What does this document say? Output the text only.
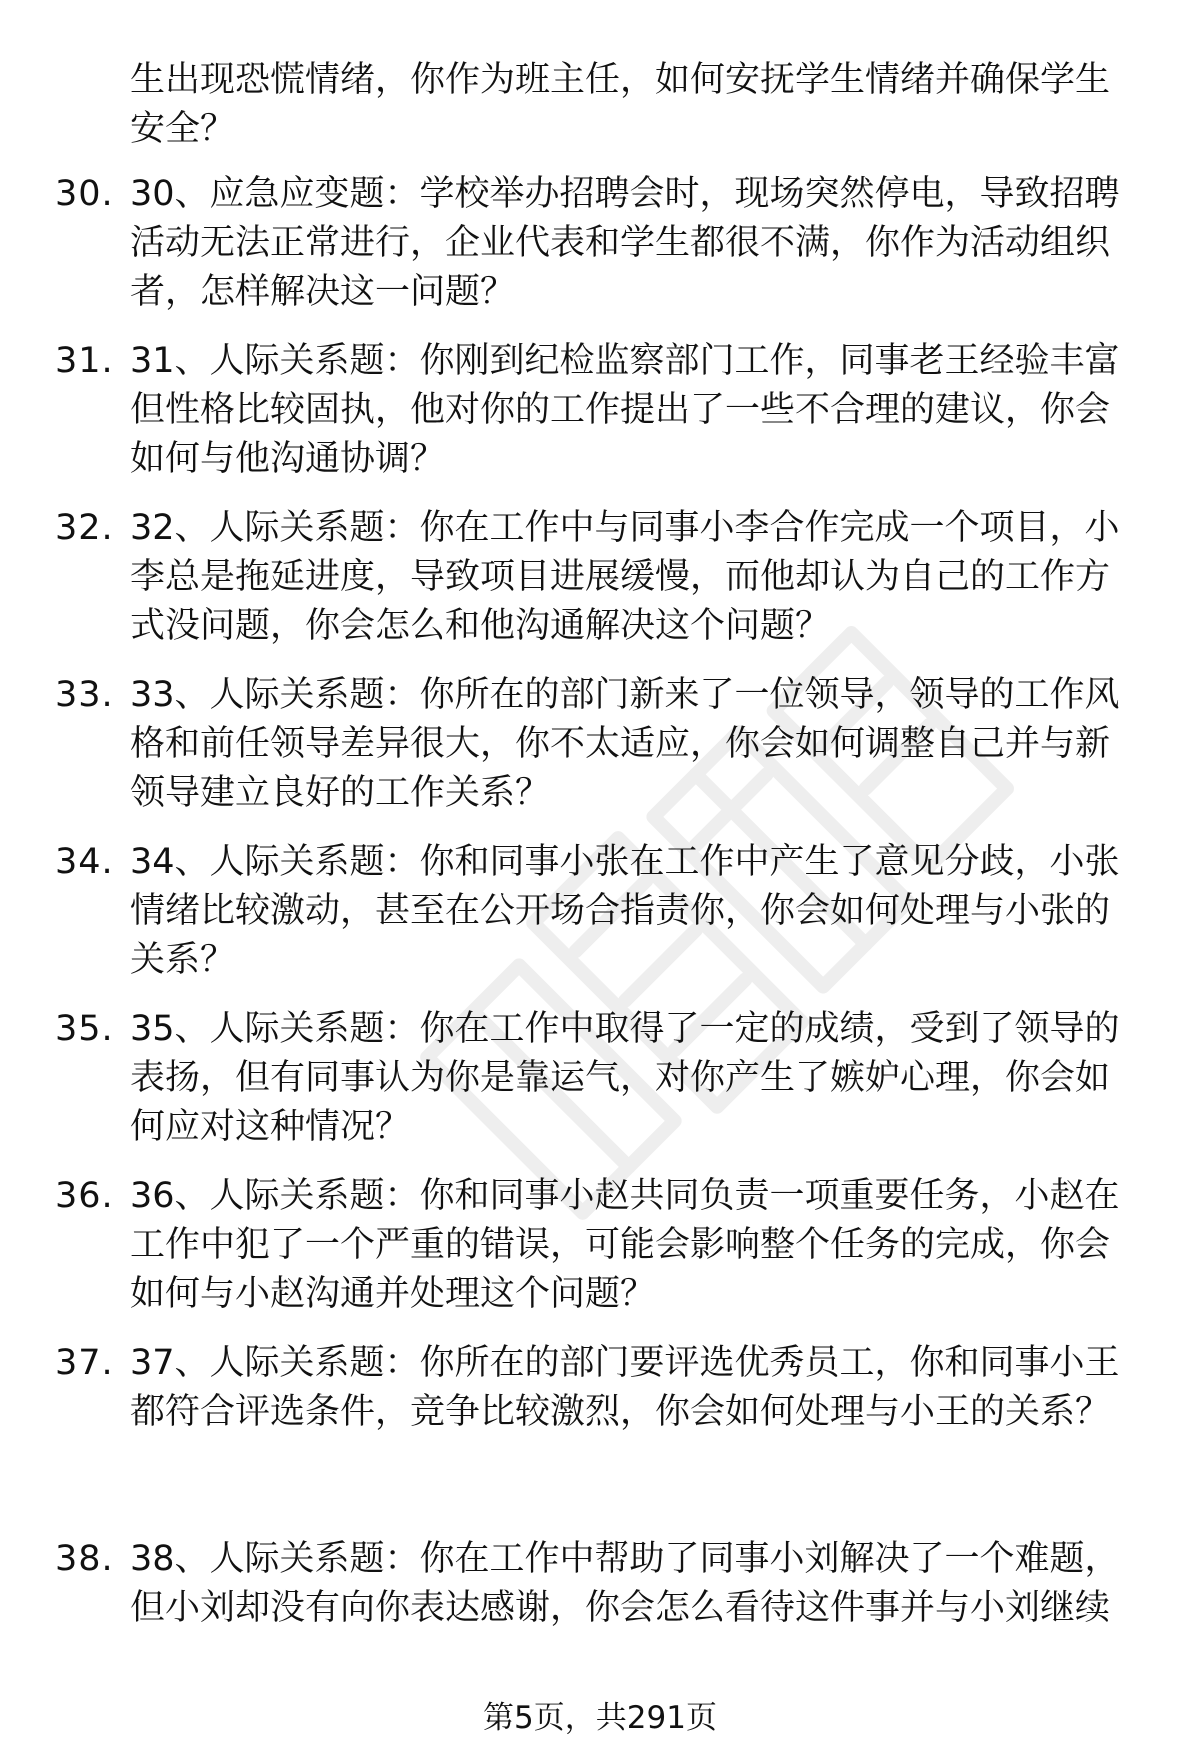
生出现恐慌情绪，你作为班主任，如何安抚学生情绪并确保学生
安全？
30. 30、应急应变题：学校举办招聘会时，现场突然停电，导致招聘
活动无法正常进行，企业代表和学生都很不满，你作为活动组织
者，怎样解决这一问题？
31. 31、人际关系题：你刚到纪检监察部门工作，同事老王经验丰富
但性格比较固执，他对你的工作提出了一些不合理的建议，你会
如何与他沟通协调？
32. 32、人际关系题：你在工作中与同事小李合作完成一个项目，小
李总是拖延进度，导致项目进展缓慢，而他却认为自己的工作方
式没问题，你会怎么和他沟通解决这个问题？
33. 33、人际关系题：你所在的部门新来了一位领导，领导的工作风
格和前任领导差异很大，你不太适应，你会如何调整自己并与新
领导建立良好的工作关系？
34. 34、人际关系题：你和同事小张在工作中产生了意见分歧，小张
情绪比较激动，甚至在公开场合指责你，你会如何处理与小张的
关系？
35. 35、人际关系题：你在工作中取得了一定的成绩，受到了领导的
表扬，但有同事认为你是靠运气，对你产生了嫉妒心理，你会如
何应对这种情况？
36. 36、人际关系题：你和同事小赵共同负责一项重要任务，小赵在
工作中犯了一个严重的错误，可能会影响整个任务的完成，你会
如何与小赵沟通并处理这个问题？
37. 37、人际关系题：你所在的部门要评选优秀员工，你和同事小王
都符合评选条件，竞争比较激烈，你会如何处理与小王的关系？
38. 38、人际关系题：你在工作中帮助了同事小刘解决了一个难题，
但小刘却没有向你表达感谢，你会怎么看待这件事并与小刘继续
第5页，共291页
